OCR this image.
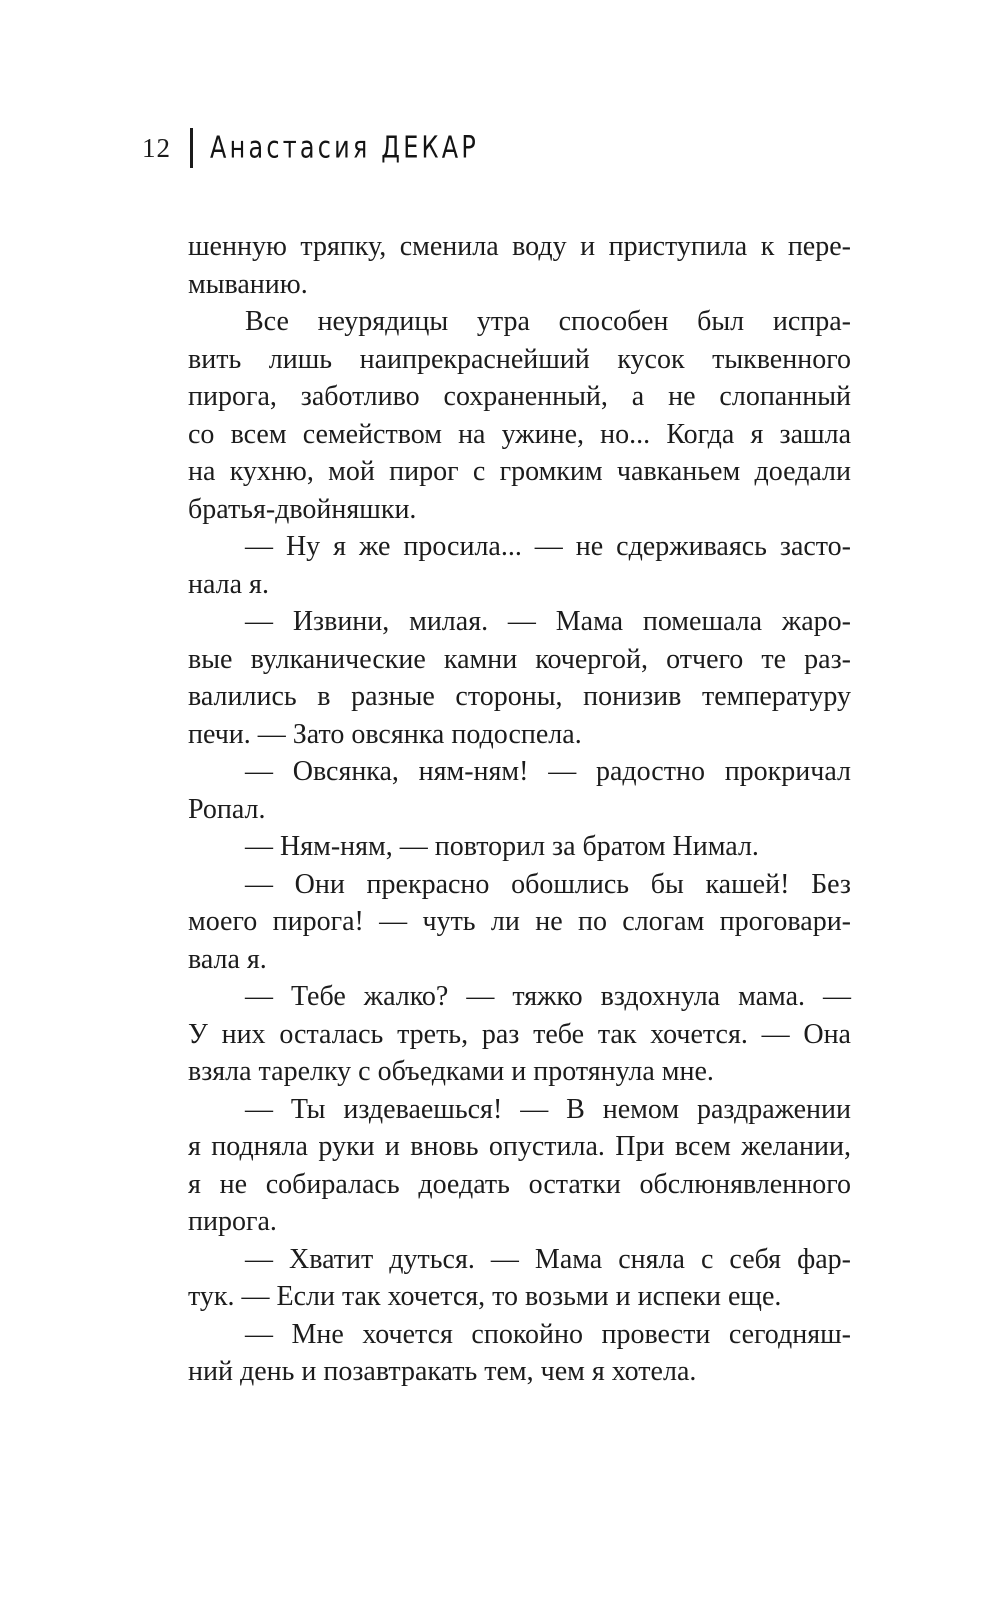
12 Анастасия ДЕКАР
шенную тряпку, сменила воду и приступила к пере-
мыванию.
Все неурядицы утра способен был испра-
вить лишь наипрекраснейший кусок тыквенного
пирога, заботливо сохраненный, а не слопанный
со всем семейством на ужине, но... Когда я зашла
на кухню, мой пирог с громким чавканьем доедали
братья-двойняшки.
— Ну я же просила... — не сдерживаясь засто-
нала я.
— Извини, милая. — Мама помешала жаро-
вые вулканические камни кочергой, отчего те раз-
валились в разные стороны, понизив температуру
печи. — Зато овсянка подоспела.
— Овсянка, ням-ням! — радостно прокричал
Ропал.
— Ням-ням, — повторил за братом Нимал.
— Они прекрасно обошлись бы кашей! Без
моего пирога! — чуть ли не по слогам проговари-
вала я.
— Тебе жалко? — тяжко вздохнула мама. —
У них осталась треть, раз тебе так хочется. — Она
взяла тарелку с объедками и протянула мне.
— Ты издеваешься! — В немом раздражении
я подняла руки и вновь опустила. При всем желании,
я не собиралась доедать остатки обслюнявленного
пирога.
— Хватит дуться. — Мама сняла с себя фар-
тук. — Если так хочется, то возьми и испеки еще.
— Мне хочется спокойно провести сегодняш-
ний день и позавтракать тем, чем я хотела.
